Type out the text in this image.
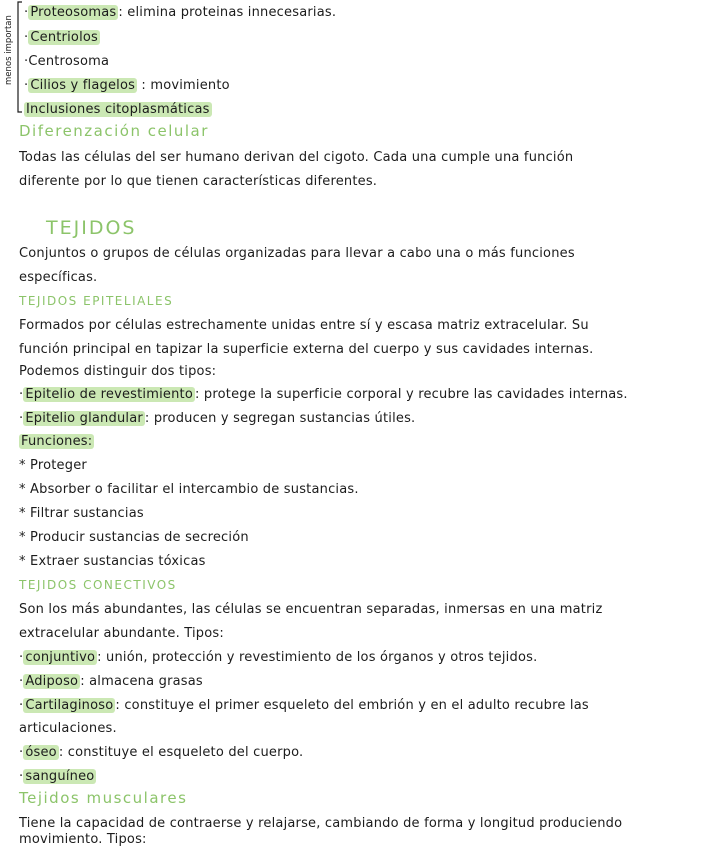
menos importan
· Proteosomas : elimina proteinas innecesarias.
· Centriolos
·Centrosoma
· Cilios y flagelos : movimiento
Inclusiones citoplasmáticas
Diferenzación celular
Todas las células del ser humano derivan del cigoto. Cada una cumple una función
diferente por lo que tienen características diferentes.
TEJIDOS
Conjuntos o grupos de células organizadas para llevar a cabo una o más funciones
específicas.
TEJIDOS EPITELIALES
Formados por células estrechamente unidas entre sí y escasa matriz extracelular. Su
función principal en tapizar la superficie externa del cuerpo y sus cavidades internas.
Podemos distinguir dos tipos:
· Epitelio de revestimiento : protege la superficie corporal y recubre las cavidades internas.
· Epitelio glandular : producen y segregan sustancias útiles.
Funciones:
* Proteger
* Absorber o facilitar el intercambio de sustancias.
* Filtrar sustancias
* Producir sustancias de secreción
* Extraer sustancias tóxicas
TEJIDOS CONECTIVOS
Son los más abundantes, las células se encuentran separadas, inmersas en una matriz
extracelular abundante. Tipos:
· conjuntivo : unión, protección y revestimiento de los órganos y otros tejidos.
· Adiposo : almacena grasas
· Cartilaginoso : constituye el primer esqueleto del embrión y en el adulto recubre las
articulaciones.
· óseo : constituye el esqueleto del cuerpo.
· sanguíneo
Tejidos musculares
Tiene la capacidad de contraerse y relajarse, cambiando de forma y longitud produciendo
movimiento. Tipos:
